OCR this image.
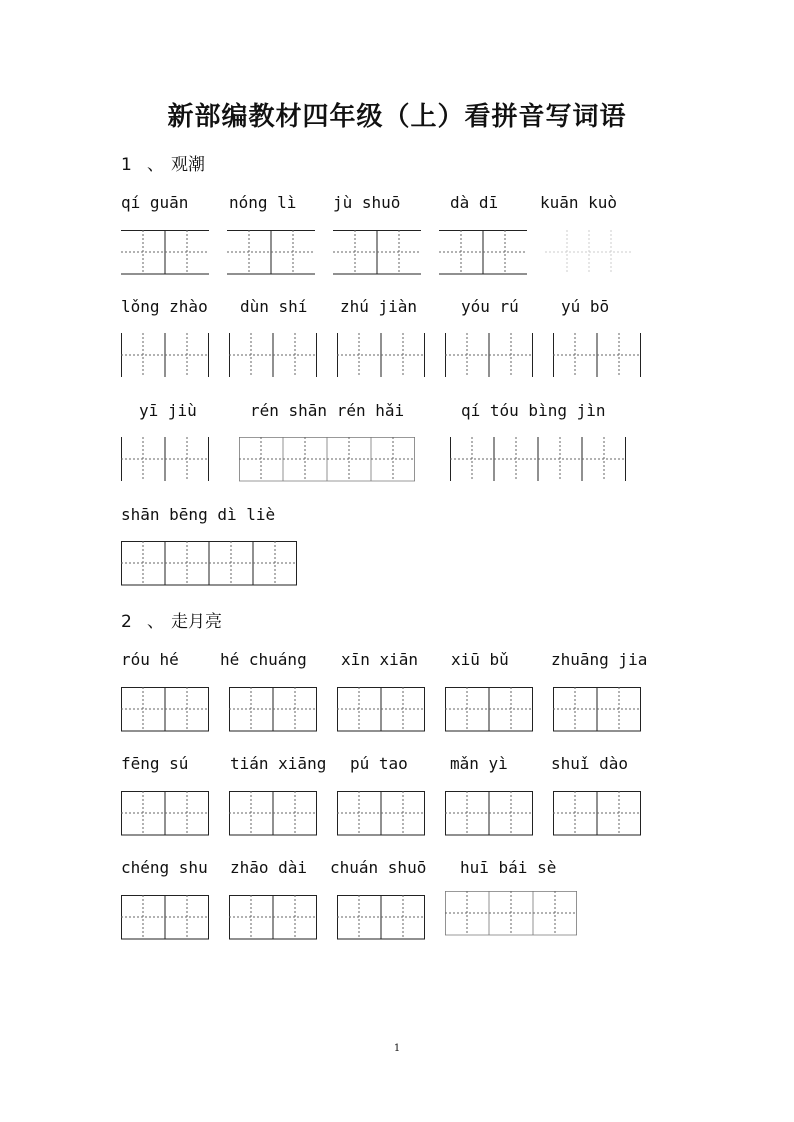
新部编教材四年级（上）看拼音写词语
1 、 观潮
qí guān	nóng lì jù shuō	dà dī	kuān kuò
lǒng zhào dùn shí zhú jiàn	yóu rú	yú bō
yī jiù	rén shān rén hǎi	qí tóu bìng jìn
shān bēng dì liè
2 、 走月亮
róu hé	hé chuáng xīn xiān xiū bǔ	zhuāng jia
fēng sú	tián xiāng pú tao	mǎn yì	shuǐ dào
chéng shu zhāo dài chuán shuō huī bái sè
1
